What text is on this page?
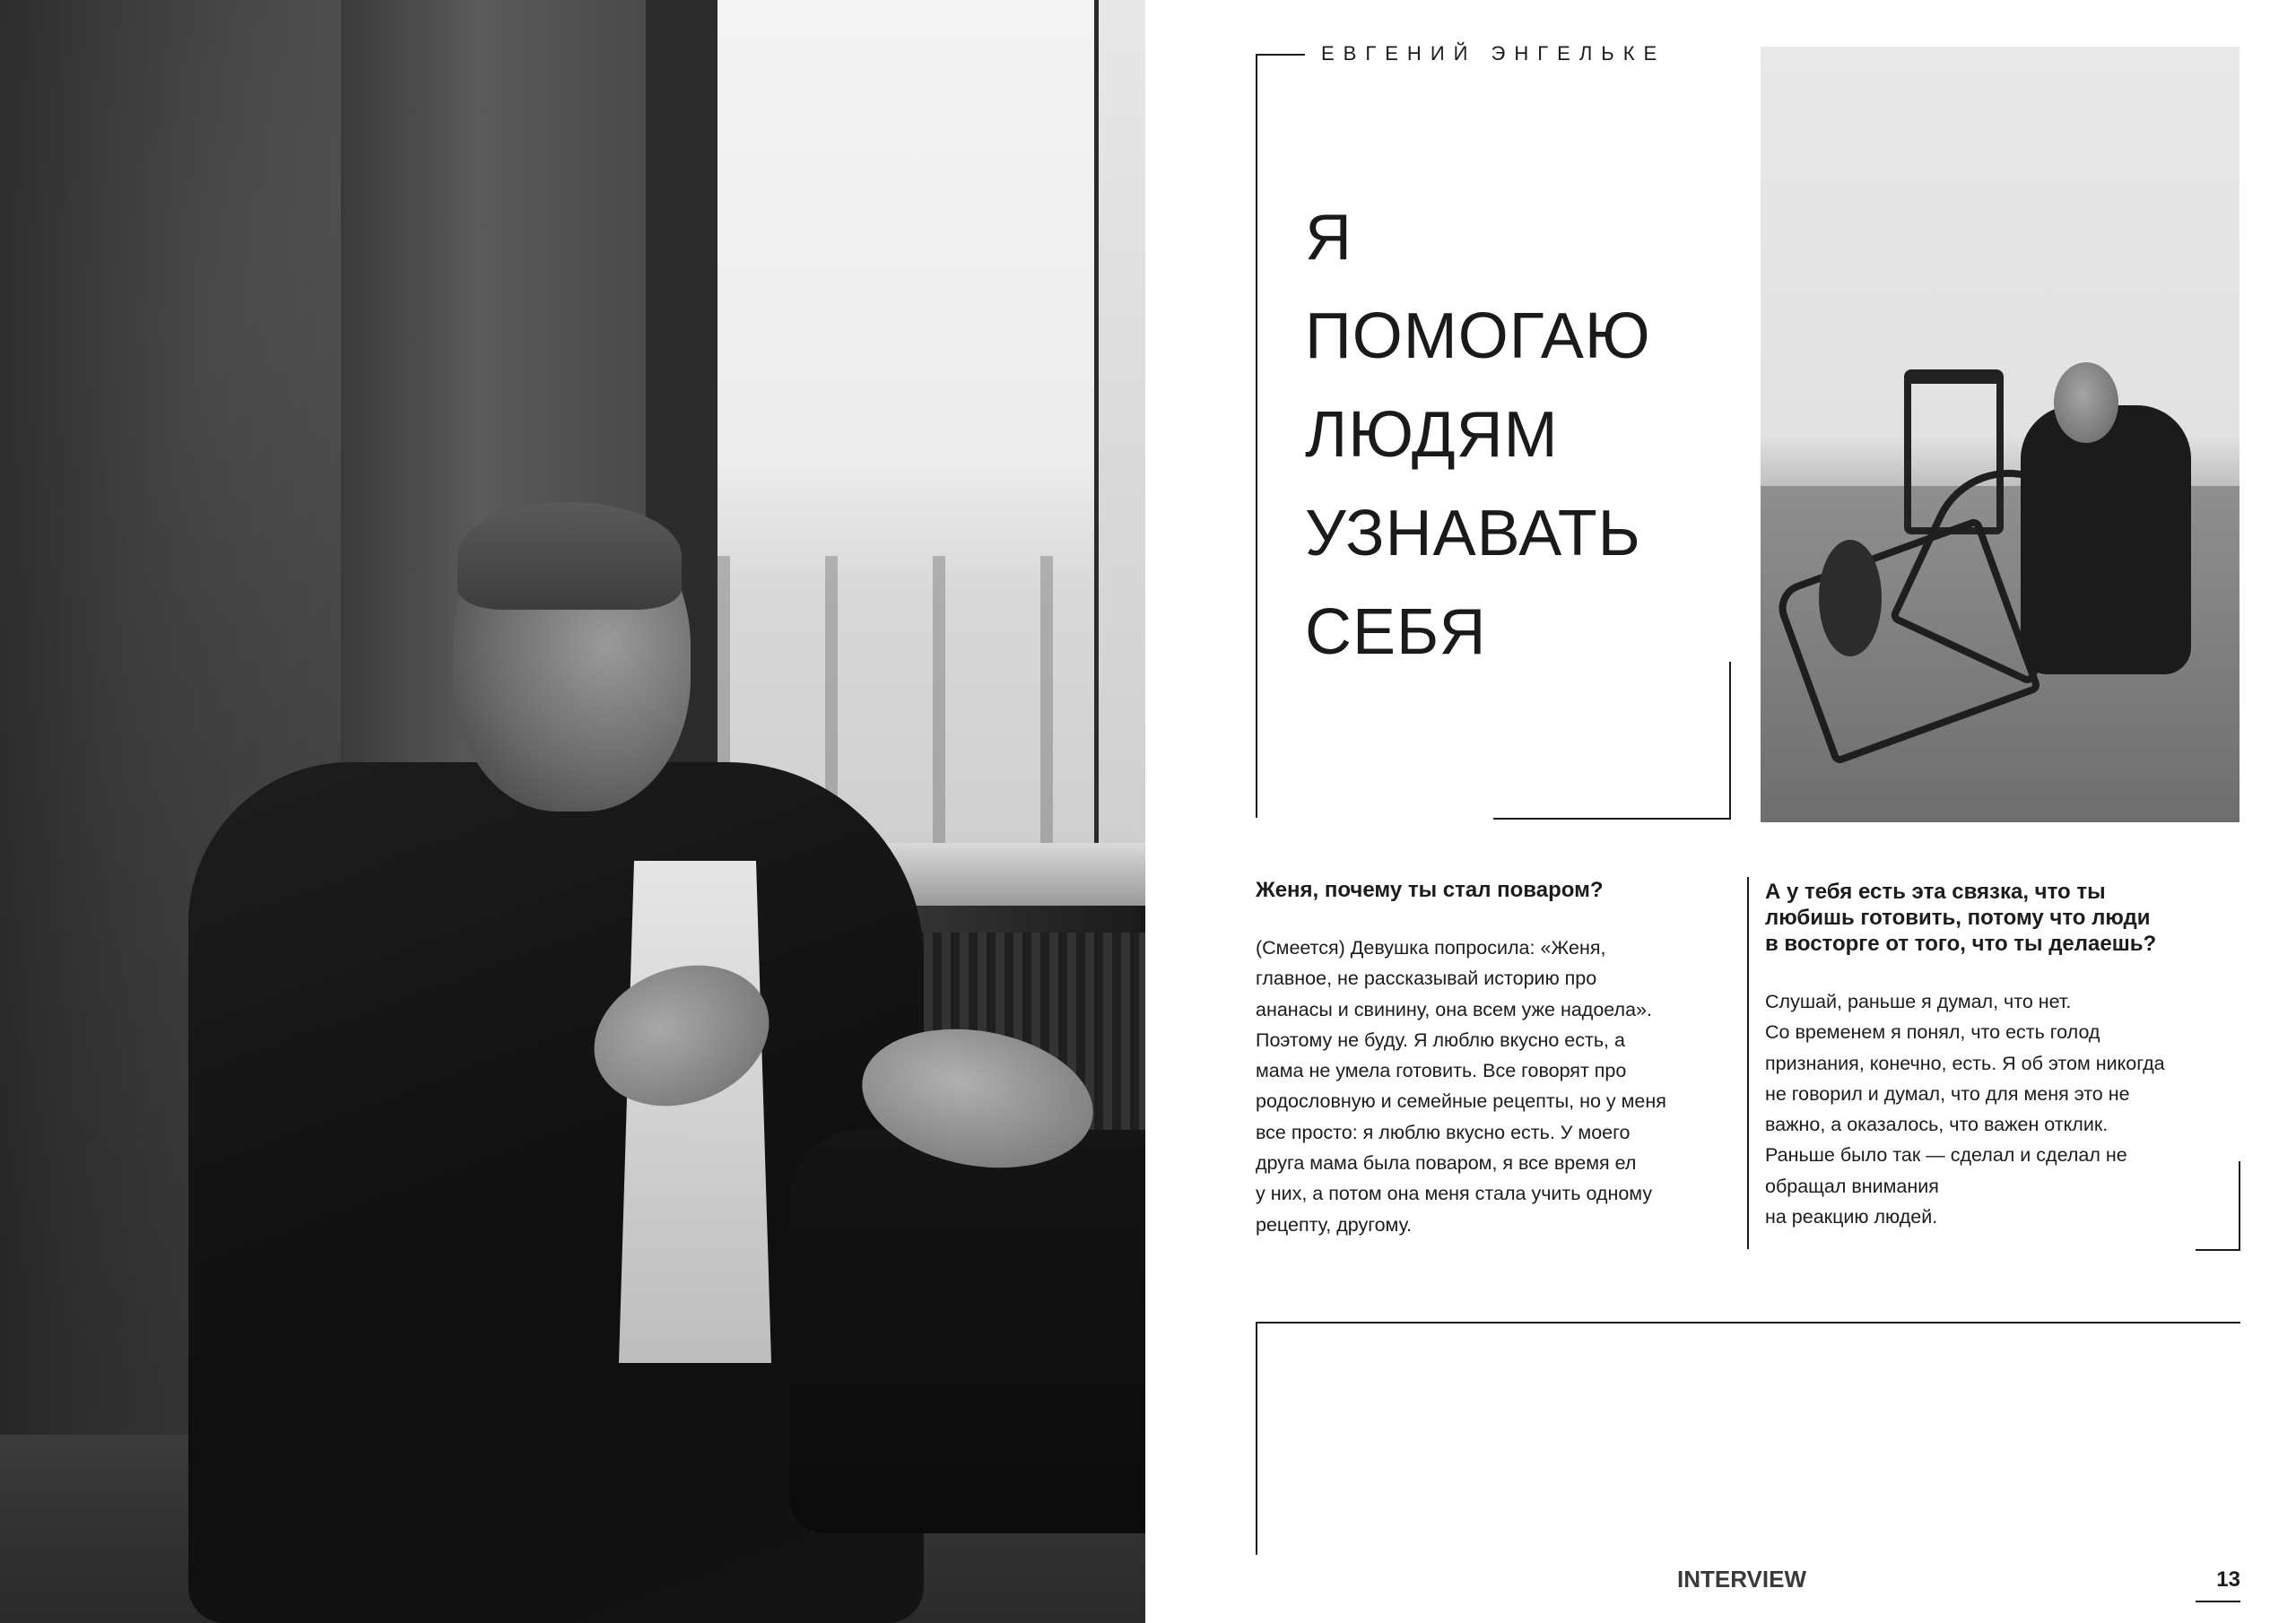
ЕВГЕНИЙ ЭНГЕЛЬКЕ
Я
ПОМОГАЮ
ЛЮДЯМ
УЗНАВАТЬ
СЕБЯ
Женя, почему ты стал поваром?
(Смеется) Девушка попросила: «Женя,
главное, не рассказывай историю про
ананасы и свинину, она всем уже надоела».
Поэтому не буду. Я люблю вкусно есть, а
мама не умела готовить. Все говорят про
родословную и семейные рецепты, но у меня
все просто: я люблю вкусно есть. У моего
друга мама была поваром, я все время ел
у них, а потом она меня стала учить одному
рецепту, другому.
А у тебя есть эта связка, что ты
любишь готовить, потому что люди
в восторге от того, что ты делаешь?
Слушай, раньше я думал, что нет.
Со временем я понял, что есть голод
признания, конечно, есть. Я об этом никогда
не говорил и думал, что для меня это не
важно, а оказалось, что важен отклик.
Раньше было так — сделал и сделал не
обращал внимания
на реакцию людей.
INTERVIEW	13
